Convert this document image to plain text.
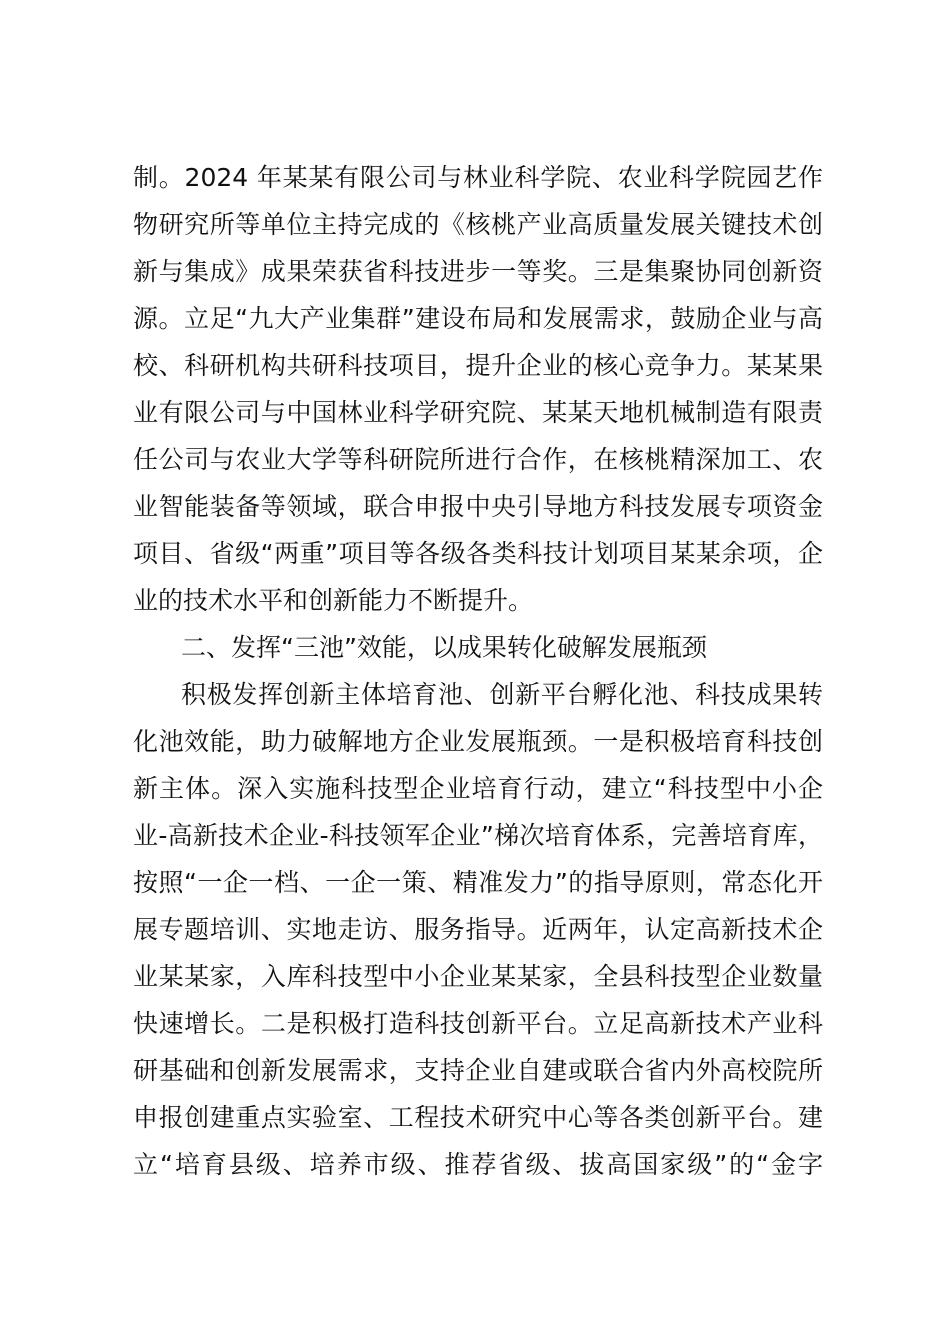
制。2024 年某某有限公司与林业科学院、农业科学院园艺作
物研究所等单位主持完成的《核桃产业高质量发展关键技术创
新与集成》成果荣获省科技进步一等奖。三是集聚协同创新资
源。立足“九大产业集群”建设布局和发展需求，鼓励企业与高
校、科研机构共研科技项目，提升企业的核心竞争力。某某果
业有限公司与中国林业科学研究院、某某天地机械制造有限责
任公司与农业大学等科研院所进行合作，在核桃精深加工、农
业智能装备等领域，联合申报中央引导地方科技发展专项资金
项目、省级“两重”项目等各级各类科技计划项目某某余项，企
业的技术水平和创新能力不断提升。
二、发挥“三池”效能，以成果转化破解发展瓶颈
积极发挥创新主体培育池、创新平台孵化池、科技成果转
化池效能，助力破解地方企业发展瓶颈。一是积极培育科技创
新主体。深入实施科技型企业培育行动，建立“科技型中小企
业-高新技术企业-科技领军企业”梯次培育体系，完善培育库，
按照“一企一档、一企一策、精准发力”的指导原则，常态化开
展专题培训、实地走访、服务指导。近两年，认定高新技术企
业某某家，入库科技型中小企业某某家，全县科技型企业数量
快速增长。二是积极打造科技创新平台。立足高新技术产业科
研基础和创新发展需求，支持企业自建或联合省内外高校院所
申报创建重点实验室、工程技术研究中心等各类创新平台。建
立“培育县级、培养市级、推荐省级、拔高国家级”的“金字
